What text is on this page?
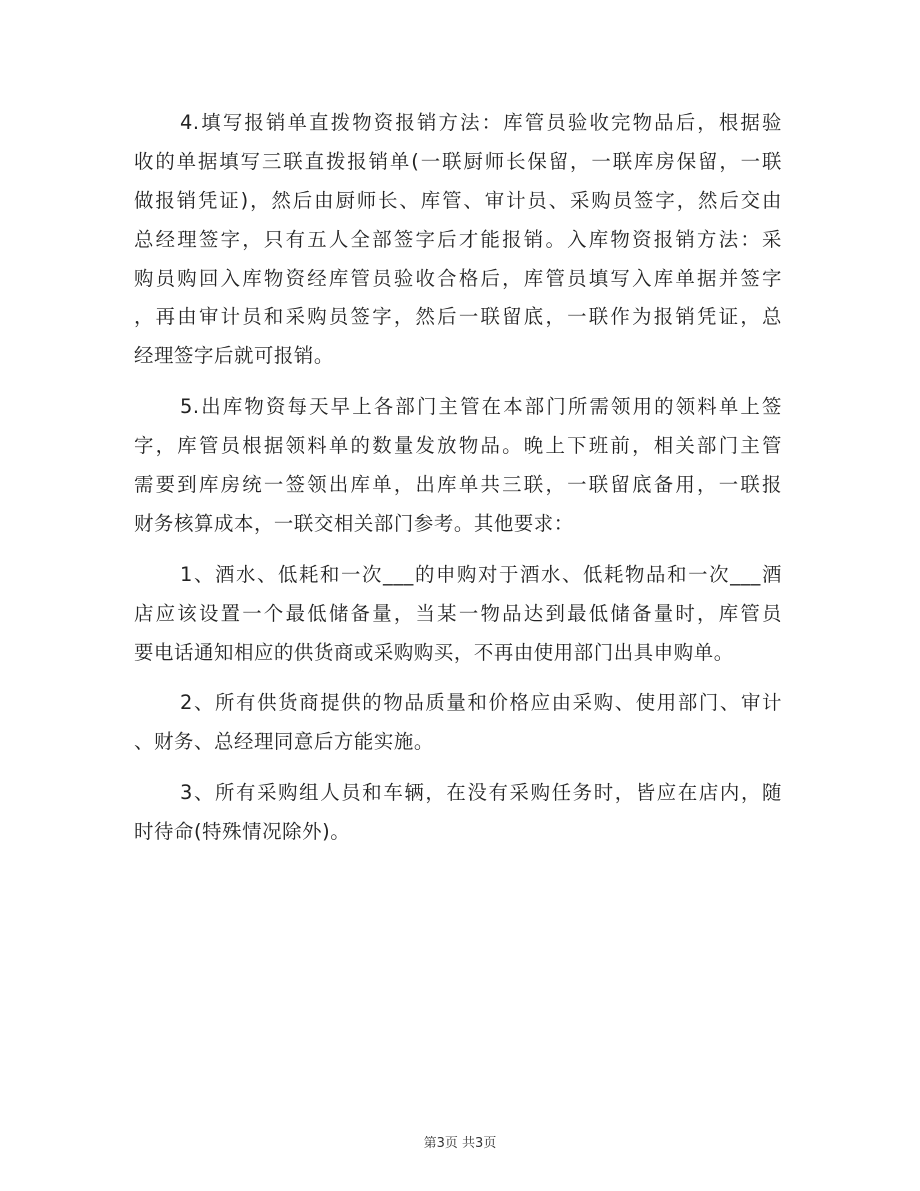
4.填写报销单直拨物资报销方法：库管员验收完物品后，根据验
收的单据填写三联直拨报销单(一联厨师长保留，一联库房保留，一联
做报销凭证)，然后由厨师长、库管、审计员、采购员签字，然后交由
总经理签字，只有五人全部签字后才能报销。入库物资报销方法：采
购员购回入库物资经库管员验收合格后，库管员填写入库单据并签字
，再由审计员和采购员签字，然后一联留底，一联作为报销凭证，总
经理签字后就可报销。
5.出库物资每天早上各部门主管在本部门所需领用的领料单上签
字，库管员根据领料单的数量发放物品。晚上下班前，相关部门主管
需要到库房统一签领出库单，出库单共三联，一联留底备用，一联报
财务核算成本，一联交相关部门参考。其他要求：
1、酒水、低耗和一次___的申购对于酒水、低耗物品和一次___酒
店应该设置一个最低储备量，当某一物品达到最低储备量时，库管员
要电话通知相应的供货商或采购购买，不再由使用部门出具申购单。
2、所有供货商提供的物品质量和价格应由采购、使用部门、审计
、财务、总经理同意后方能实施。
3、所有采购组人员和车辆，在没有采购任务时，皆应在店内，随
时待命(特殊情况除外)。
第3页 共3页
